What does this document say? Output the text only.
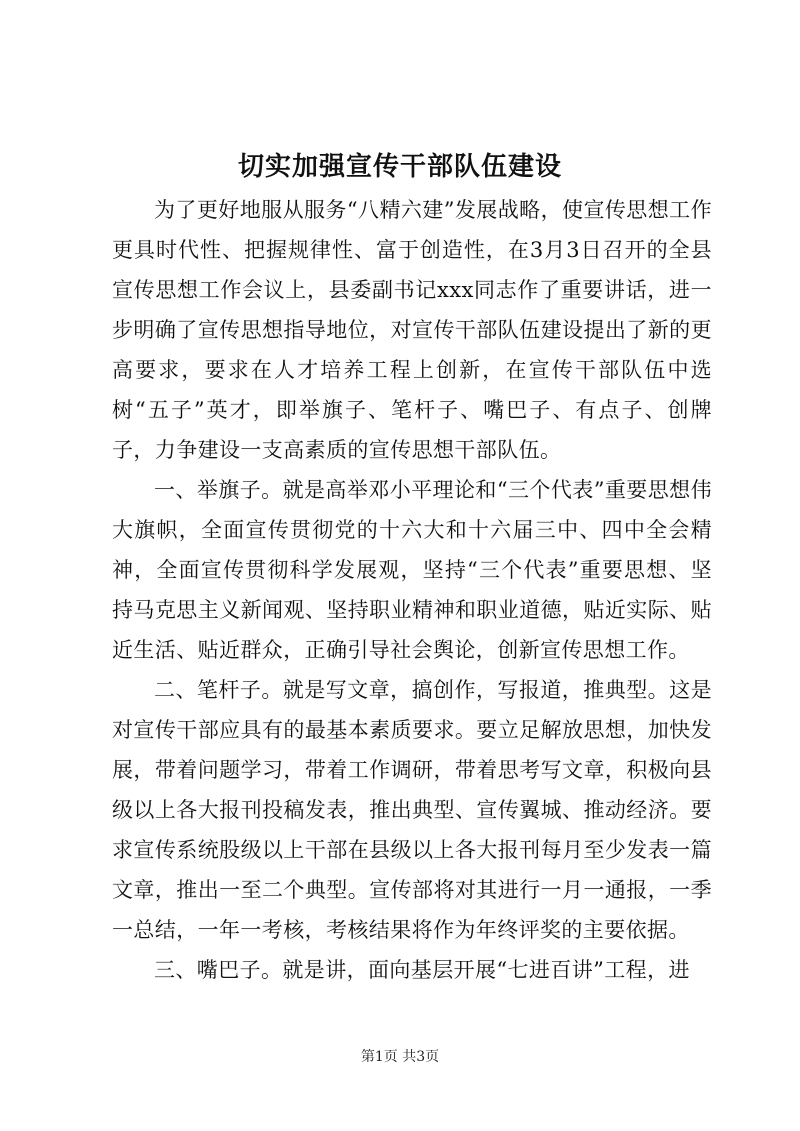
切实加强宣传干部队伍建设

为了更好地服从服务“八精六建”发展战略，使宣传思想工作更具时代性、把握规律性、富于创造性，在3月3日召开的全县宣传思想工作会议上，县委副书记xxx同志作了重要讲话，进一步明确了宣传思想指导地位，对宣传干部队伍建设提出了新的更高要求，要求在人才培养工程上创新，在宣传干部队伍中选树“五子”英才，即举旗子、笔杆子、嘴巴子、有点子、创牌子，力争建设一支高素质的宣传思想干部队伍。

一、举旗子。就是高举邓小平理论和“三个代表”重要思想伟大旗帜，全面宣传贯彻党的十六大和十六届三中、四中全会精神，全面宣传贯彻科学发展观，坚持“三个代表”重要思想、坚持马克思主义新闻观、坚持职业精神和职业道德，贴近实际、贴近生活、贴近群众，正确引导社会舆论，创新宣传思想工作。

二、笔杆子。就是写文章，搞创作，写报道，推典型。这是对宣传干部应具有的最基本素质要求。要立足解放思想，加快发展，带着问题学习，带着工作调研，带着思考写文章，积极向县级以上各大报刊投稿发表，推出典型、宣传翼城、推动经济。要求宣传系统股级以上干部在县级以上各大报刊每月至少发表一篇文章，推出一至二个典型。宣传部将对其进行一月一通报，一季一总结，一年一考核，考核结果将作为年终评奖的主要依据。

三、嘴巴子。就是讲，面向基层开展“七进百讲”工程，进

第1页 共3页
